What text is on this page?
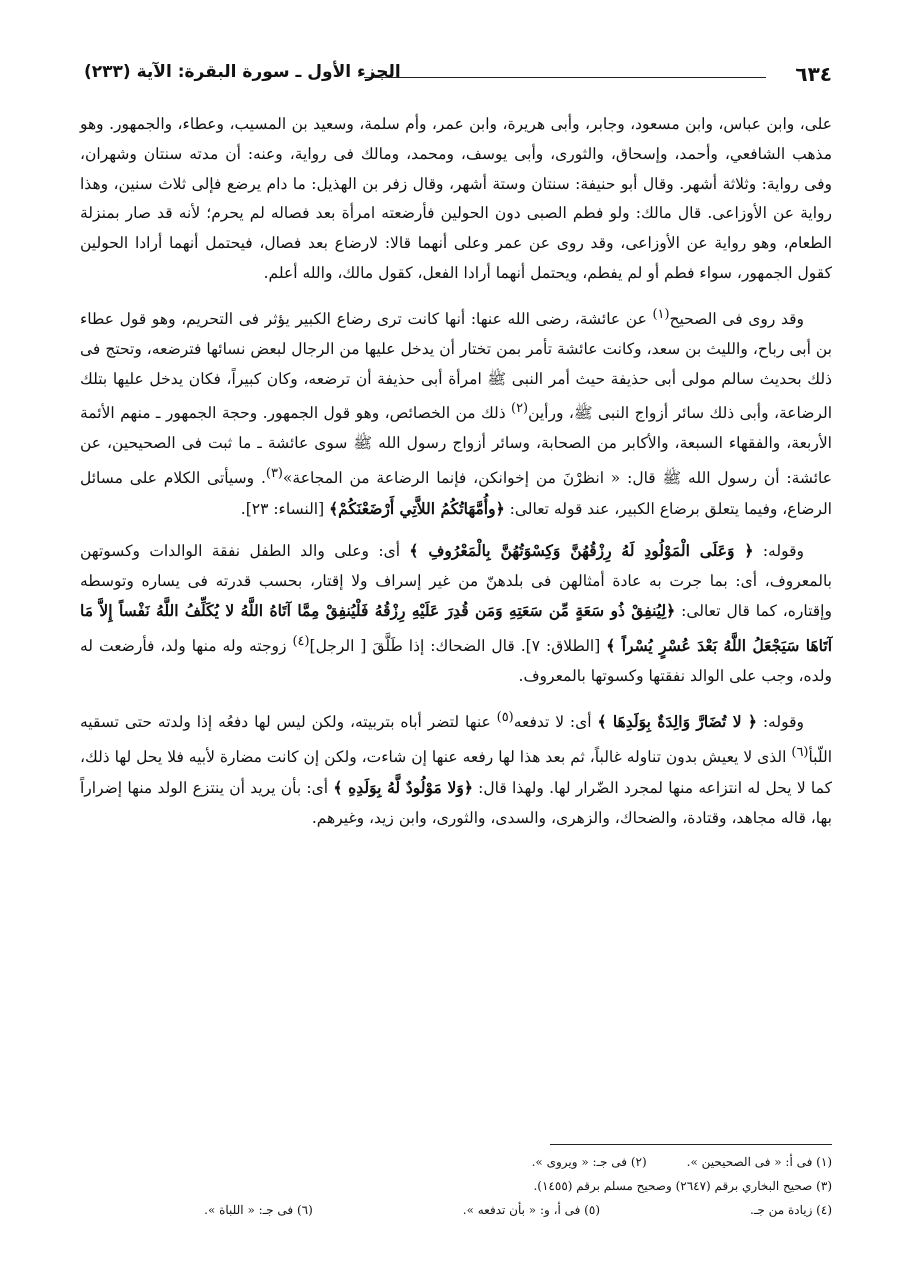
٦٣٤
الجزء الأول ـ سورة البقرة: الآية (٢٣٣)

على، وابن عباس، وابن مسعود، وجابر، وأبى هريرة، وابن عمر، وأم سلمة، وسعيد بن المسيب، وعطاء، والجمهور. وهو مذهب الشافعي، وأحمد، وإسحاق، والثورى، وأبى يوسف، ومحمد، ومالك فى رواية، وعنه: أن مدته سنتان وشهران، وفى رواية: وثلاثة أشهر. وقال أبو حنيفة: سنتان وستة أشهر، وقال زفر بن الهذيل: ما دام يرضع فإلى ثلاث سنين، وهذا رواية عن الأوزاعى. قال مالك: ولو فطم الصبى دون الحولين فأرضعته امرأة بعد فصاله لم يحرم؛ لأنه قد صار بمنزلة الطعام، وهو رواية عن الأوزاعى، وقد روى عن عمر وعلى أنهما قالا: لارضاع بعد فصال، فيحتمل أنهما أرادا الحولين كقول الجمهور، سواء فطم أو لم يفطم، ويحتمل أنهما أرادا الفعل، كقول مالك، والله أعلم.

وقد روى فى الصحيح$^{(١)}$ عن عائشة، رضى الله عنها: أنها كانت ترى رضاع الكبير يؤثر فى التحريم، وهو قول عطاء بن أبى رباح، والليث بن سعد، وكانت عائشة تأمر بمن تختار أن يدخل عليها من الرجال لبعض نسائها فترضعه، وتحتج فى ذلك بحديث سالم مولى أبى حذيفة حيث أمر النبى ﷺ امرأة أبى حذيفة أن ترضعه، وكان كبيراً، فكان يدخل عليها بتلك الرضاعة، وأبى ذلك سائر أزواج النبى ﷺ، ورأين$^{(٢)}$ ذلك من الخصائص، وهو قول الجمهور. وحجة الجمهور ـ منهم الأئمة الأربعة، والفقهاء السبعة، والأكابر من الصحابة، وسائر أزواج رسول الله ﷺ سوى عائشة ـ ما ثبت فى الصحيحين، عن عائشة: أن رسول الله ﷺ قال: « انظرْنَ من إخوانكن، فإنما الرضاعة من المجاعة»$^{(٣)}$. وسيأتى الكلام على مسائل الرضاع، وفيما يتعلق برضاع الكبير، عند قوله تعالى: ﴿وأُمَّهَاتُكُمُ اللاَّتِي أَرْضَعْنَكُمْ﴾ [النساء: ٢٣].

وقوله: ﴿ وَعَلَى الْمَوْلُودِ لَهُ رِزْقُهُنَّ وَكِسْوَتُهُنَّ بِالْمَعْرُوفِ ﴾ أى: وعلى والد الطفل نفقة الوالدات وكسوتهن بالمعروف، أى: بما جرت به عادة أمثالهن فى بلدهنّ من غير إسراف ولا إقتار، بحسب قدرته فى يساره وتوسطه وإقتاره، كما قال تعالى: ﴿لِيُنفِقْ ذُو سَعَةٍ مِّن سَعَتِهِ وَمَن قُدِرَ عَلَيْهِ رِزْقُهُ فَلْيُنفِقْ مِمَّا آتَاهُ اللَّهُ لا يُكَلِّفُ اللَّهُ نَفْساً إِلاَّ مَا آتَاهَا سَيَجْعَلُ اللَّهُ بَعْدَ عُسْرٍ يُسْراً ﴾ [الطلاق: ٧]. قال الضحاك: إذا طَلَّقَ [ الرجل]$^{(٤)}$ زوجته وله منها ولد، فأرضعت له ولده، وجب على الوالد نفقتها وكسوتها بالمعروف.

وقوله: ﴿ لا تُضَارَّ وَالِدَةٌ بِوَلَدِهَا ﴾ أى: لا تدفعه$^{(٥)}$ عنها لتضر أباه بتربيته، ولكن ليس لها دفعُه إذا ولدته حتى تسقيه اللّبأ$^{(٦)}$ الذى لا يعيش بدون تناوله غالباً، ثم بعد هذا لها رفعه عنها إن شاءت، ولكن إن كانت مضارة لأبيه فلا يحل لها ذلك، كما لا يحل له انتزاعه منها لمجرد الضّرار لها. ولهذا قال: ﴿وَلا مَوْلُودٌ لَّهُ بِوَلَدِهِ ﴾ أى: بأن يريد أن ينتزع الولد منها إضراراً بها، قاله مجاهد، وقتادة، والضحاك، والزهرى، والسدى، والثورى، وابن زيد، وغيرهم.

(١) فى أ: « فى الصحيحين ».(٢) فى جـ: « ويروى ».
(٣) صحيح البخاري برقم (٢٦٤٧) وصحيح مسلم برقم (١٤٥٥).
(٤) زيادة من جـ.(٥) فى أ، و: « بأن تدفعه ».(٦) فى جـ: « اللباة ».
